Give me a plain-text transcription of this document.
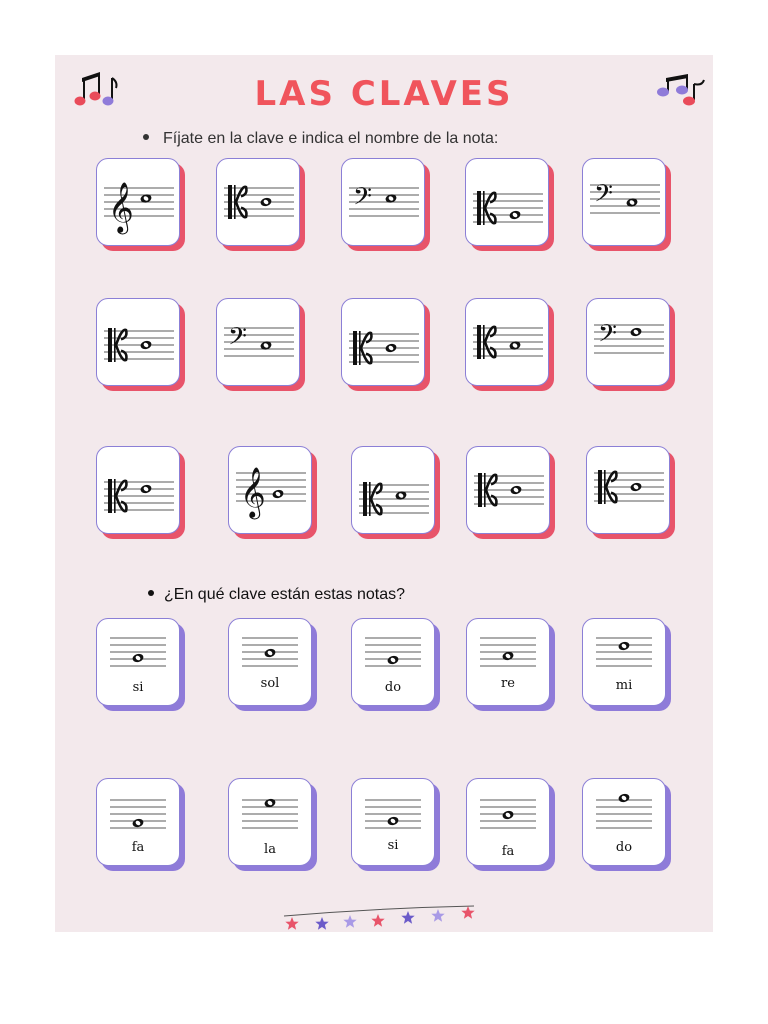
LAS CLAVES
Fíjate en la clave e indica el nombre de la nota:
𝄞	𝄢	𝄢
𝄢	𝄢
𝄞
¿En qué clave están estas notas?
si	sol	do	re	mi
fa	la	si	fa	do
